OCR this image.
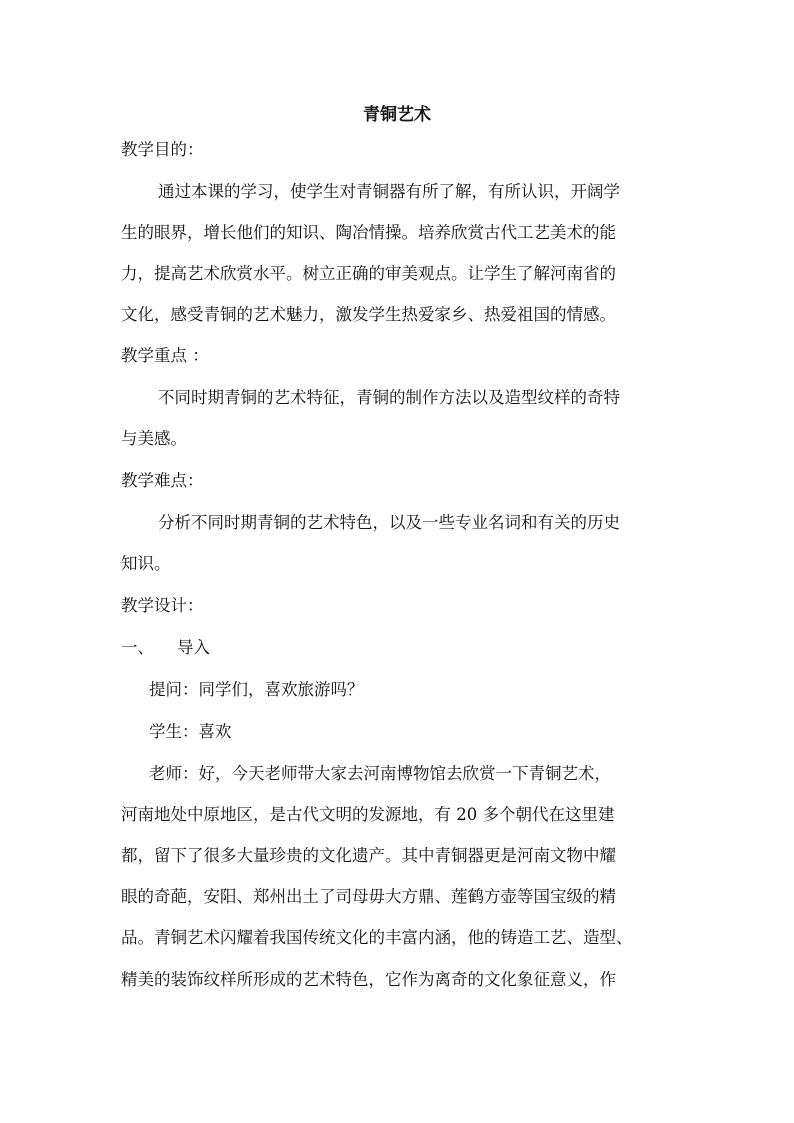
青铜艺术
教学目的：
通过本课的学习，使学生对青铜器有所了解，有所认识，开阔学
生的眼界，增长他们的知识、陶冶情操。培养欣赏古代工艺美术的能
力，提高艺术欣赏水平。树立正确的审美观点。让学生了解河南省的
文化，感受青铜的艺术魅力，激发学生热爱家乡、热爱祖国的情感。
教学重点 ：
不同时期青铜的艺术特征，青铜的制作方法以及造型纹样的奇特
与美感。
教学难点：
分析不同时期青铜的艺术特色，以及一些专业名词和有关的历史
知识。
教学设计：
一、 导入
提问：同学们，喜欢旅游吗？
学生：喜欢
老师：好，今天老师带大家去河南博物馆去欣赏一下青铜艺术，
河南地处中原地区，是古代文明的发源地，有 20 多个朝代在这里建
都，留下了很多大量珍贵的文化遗产。其中青铜器更是河南文物中耀
眼的奇葩，安阳、郑州出土了司母毋大方鼎、莲鹤方壶等国宝级的精
品。青铜艺术闪耀着我国传统文化的丰富内涵，他的铸造工艺、造型、
精美的装饰纹样所形成的艺术特色，它作为离奇的文化象征意义，作
